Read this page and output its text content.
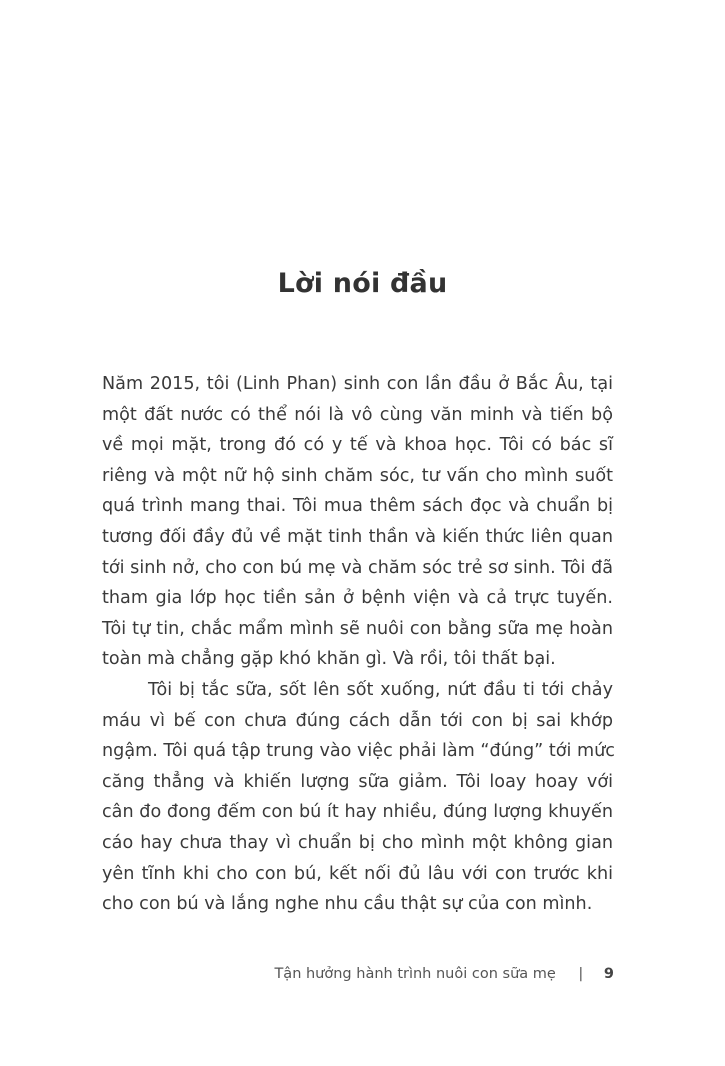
Lời nói đầu
Năm 2015, tôi (Linh Phan) sinh con lần đầu ở Bắc Âu, tại
một đất nước có thể nói là vô cùng văn minh và tiến bộ
về mọi mặt, trong đó có y tế và khoa học. Tôi có bác sĩ
riêng và một nữ hộ sinh chăm sóc, tư vấn cho mình suốt
quá trình mang thai. Tôi mua thêm sách đọc và chuẩn bị
tương đối đầy đủ về mặt tinh thần và kiến thức liên quan
tới sinh nở, cho con bú mẹ và chăm sóc trẻ sơ sinh. Tôi đã
tham gia lớp học tiền sản ở bệnh viện và cả trực tuyến.
Tôi tự tin, chắc mẩm mình sẽ nuôi con bằng sữa mẹ hoàn
toàn mà chẳng gặp khó khăn gì. Và rồi, tôi thất bại.
Tôi bị tắc sữa, sốt lên sốt xuống, nứt đầu ti tới chảy
máu vì bế con chưa đúng cách dẫn tới con bị sai khớp
ngậm. Tôi quá tập trung vào việc phải làm “đúng” tới mức
căng thẳng và khiến lượng sữa giảm. Tôi loay hoay với
cân đo đong đếm con bú ít hay nhiều, đúng lượng khuyến
cáo hay chưa thay vì chuẩn bị cho mình một không gian
yên tĩnh khi cho con bú, kết nối đủ lâu với con trước khi
cho con bú và lắng nghe nhu cầu thật sự của con mình.
Tận hưởng hành trình nuôi con sữa mẹ | 9
